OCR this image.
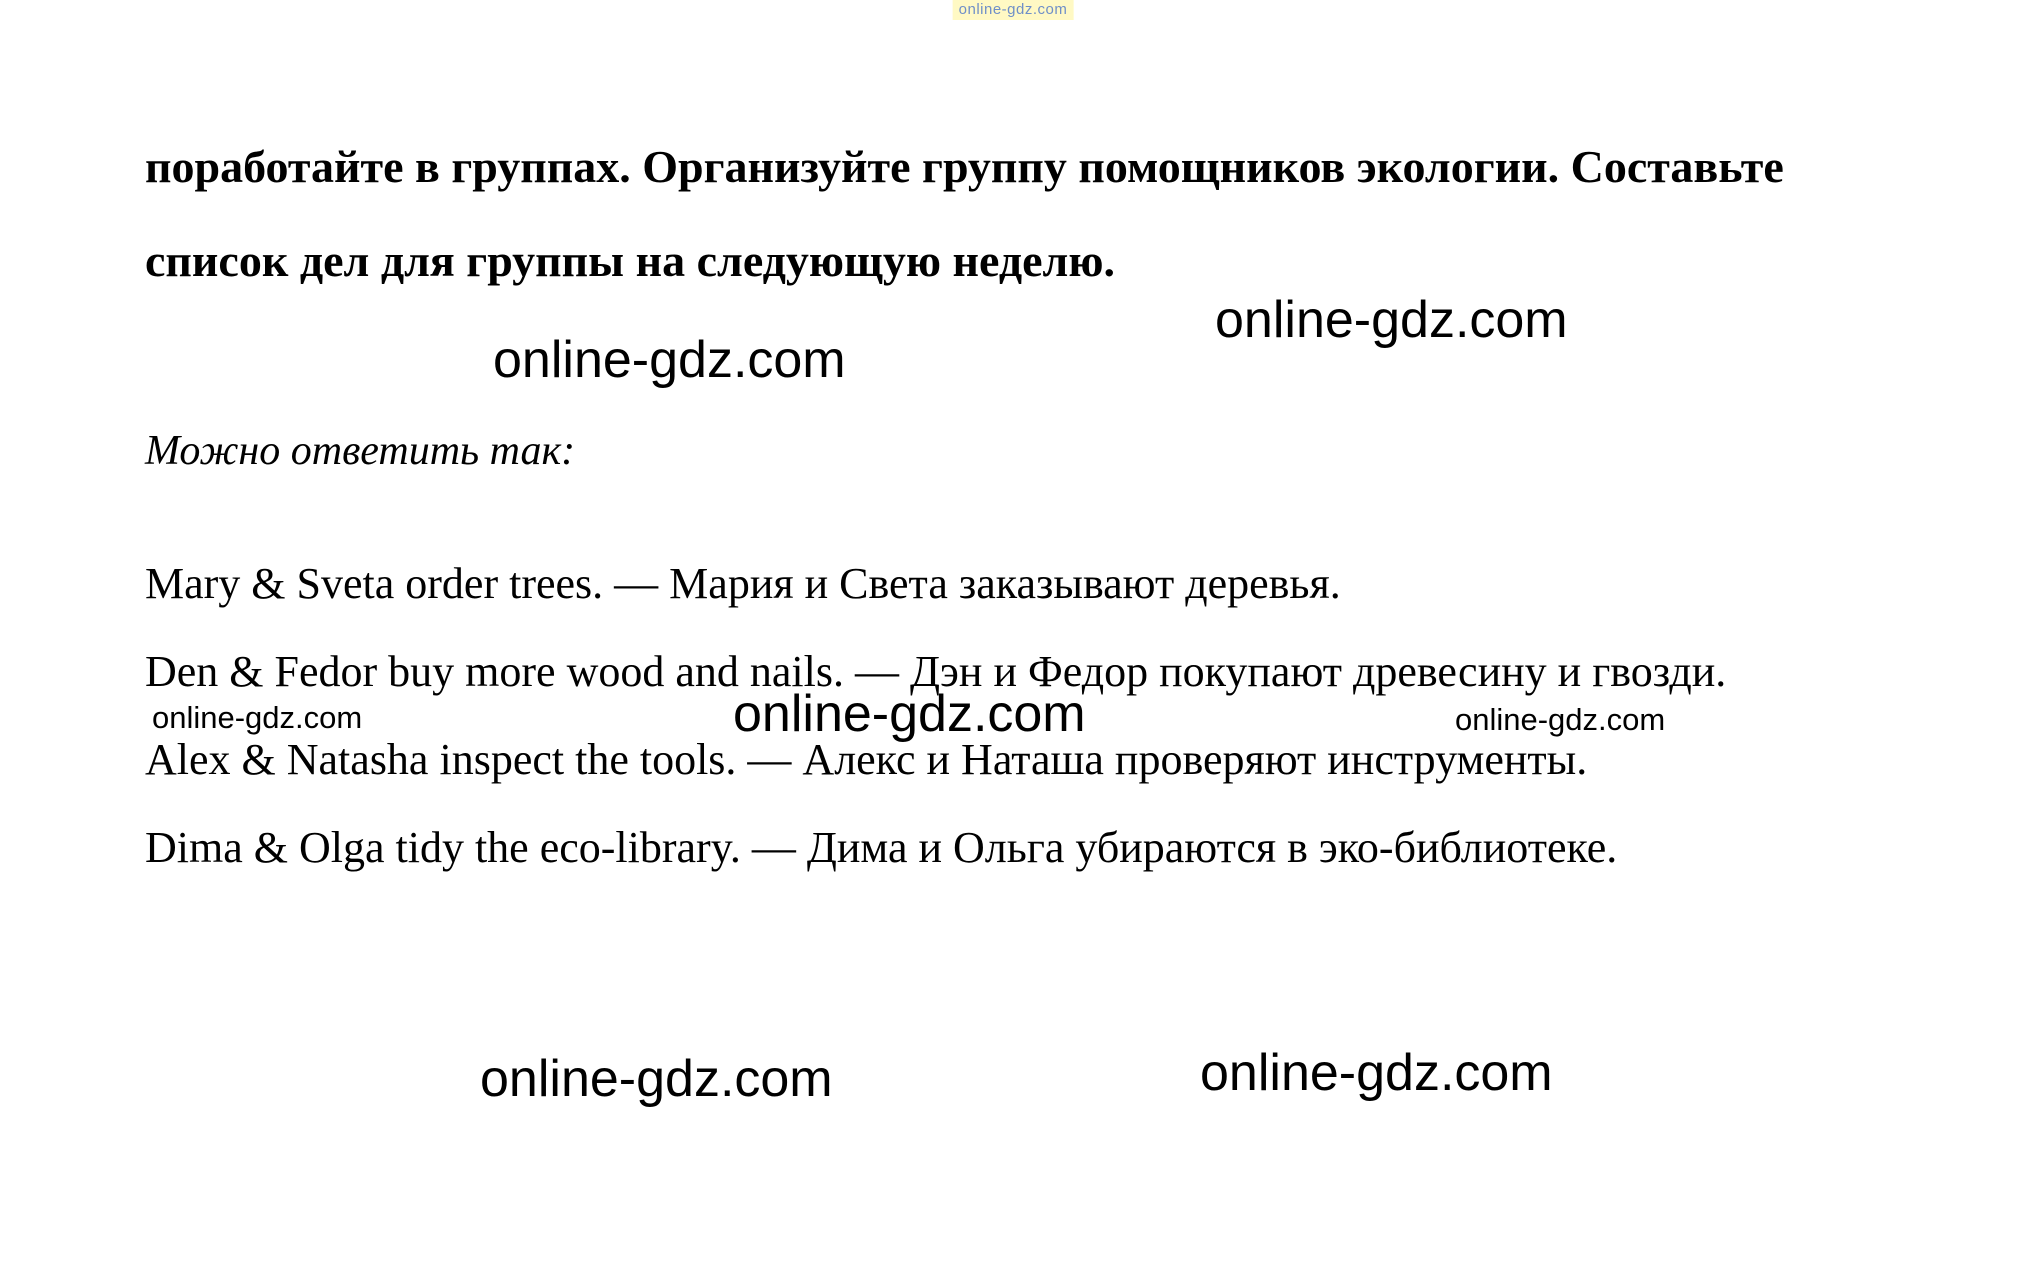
online-gdz.com
поработайте в группах. Организуйте группу помощников экологии. Составьте список дел для группы на следующую неделю.
Можно ответить так:
Mary & Sveta order trees. — Мария и Света заказывают деревья.
Den & Fedor buy more wood and nails. — Дэн и Федор покупают древесину и гвозди.
Alex & Natasha inspect the tools. — Алекс и Наташа проверяют инструменты.
Dima & Olga tidy the eco-library. — Дима и Ольга убираются в эко-библиотеке.
online-gdz.com
online-gdz.com
online-gdz.com	online-gdz.com	online-gdz.com
online-gdz.com	online-gdz.com
